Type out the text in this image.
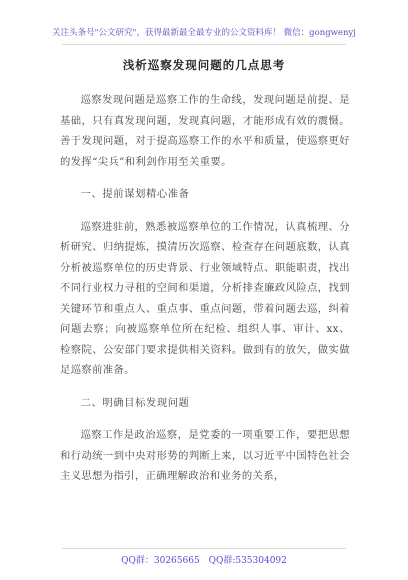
关注头条号"公文研究"，获得最新最全最专业的公文资料库！ 微信：gongwenyj
浅析巡察发现问题的几点思考

巡察发现问题是巡察工作的生命线，发现问题是前提、是基础，只有真发现问题，发现真问题，才能形成有效的震慑。善于发现问题，对于提高巡察工作的水平和质量，使巡察更好的发挥“尖兵”和利剑作用至关重要。

一、提前谋划精心准备

巡察进驻前，熟悉被巡察单位的工作情况，认真梳理、分析研究、归纳提炼，摸清历次巡察、检查存在问题底数，认真分析被巡察单位的历史背景、行业领域特点、职能职责，找出不同行业权力寻租的空间和渠道，分析排查廉政风险点，找到关键环节和重点人、重点事、重点问题，带着问题去巡，纠着问题去察；向被巡察单位所在纪检、组织人事、审计、xx、检察院、公安部门要求提供相关资料。做到有的放矢，做实做足巡察前准备。

二、明确目标发现问题

巡察工作是政治巡察，是党委的一项重要工作，要把思想和行动统一到中央对形势的判断上来，以习近平中国特色社会主义思想为指引，正确理解政治和业务的关系，

QQ群：30265665 QQ群:535304092
